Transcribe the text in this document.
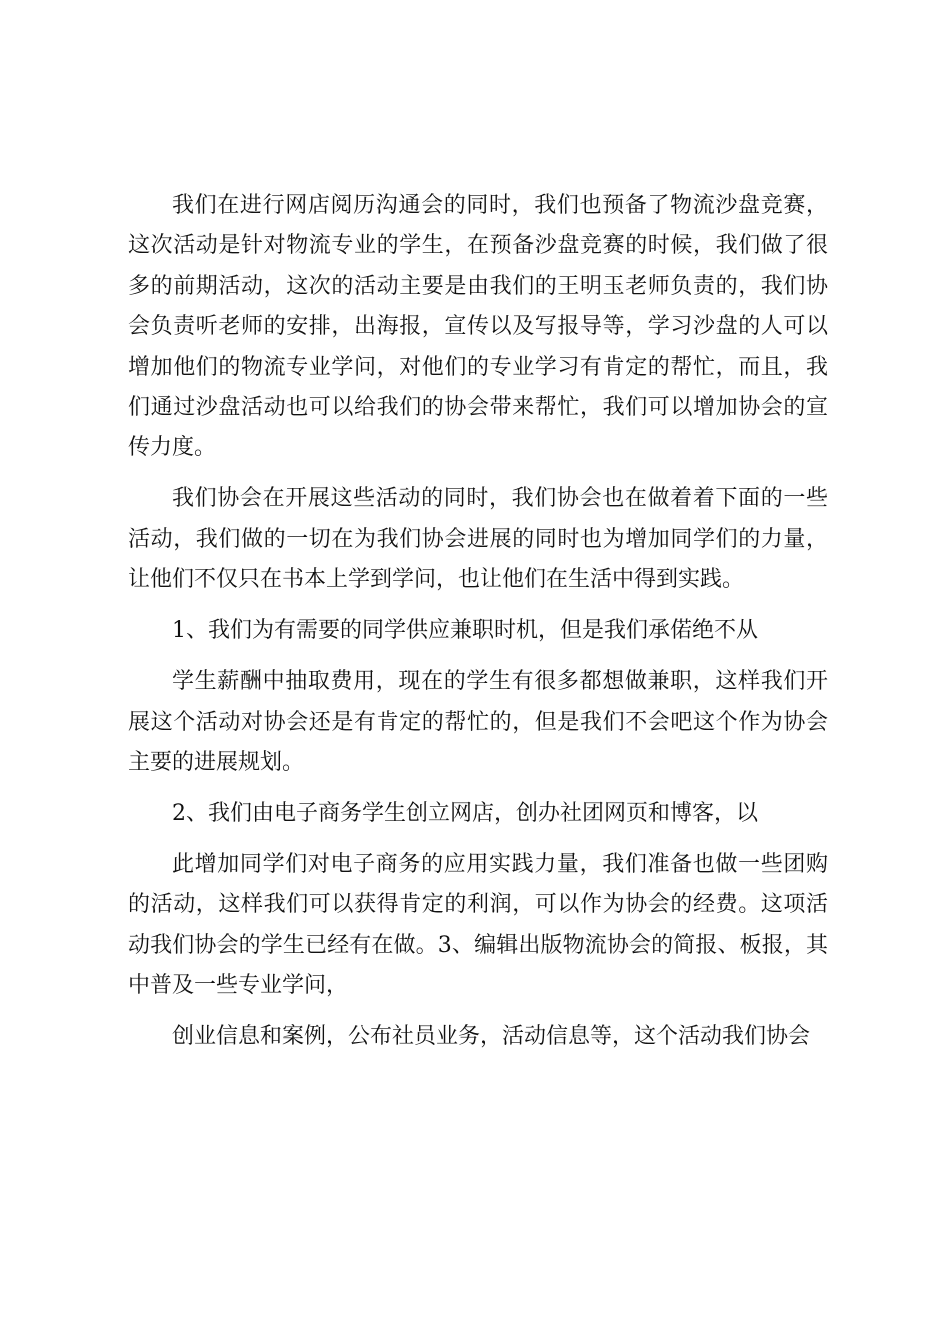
我们在进行网店阅历沟通会的同时，我们也预备了物流沙盘竞赛，这次活动是针对物流专业的学生，在预备沙盘竞赛的时候，我们做了很多的前期活动，这次的活动主要是由我们的王明玉老师负责的，我们协会负责听老师的安排，出海报，宣传以及写报导等，学习沙盘的人可以增加他们的物流专业学问，对他们的专业学习有肯定的帮忙，而且，我们通过沙盘活动也可以给我们的协会带来帮忙，我们可以增加协会的宣传力度。

我们协会在开展这些活动的同时，我们协会也在做着着下面的一些活动，我们做的一切在为我们协会进展的同时也为增加同学们的力量，让他们不仅只在书本上学到学问，也让他们在生活中得到实践。

1、我们为有需要的同学供应兼职时机，但是我们承偌绝不从

学生薪酬中抽取费用，现在的学生有很多都想做兼职，这样我们开展这个活动对协会还是有肯定的帮忙的，但是我们不会吧这个作为协会主要的进展规划。

2、我们由电子商务学生创立网店，创办社团网页和博客，以

此增加同学们对电子商务的应用实践力量，我们准备也做一些团购的活动，这样我们可以获得肯定的利润，可以作为协会的经费。这项活动我们协会的学生已经有在做。3、编辑出版物流协会的简报、板报，其中普及一些专业学问，

创业信息和案例，公布社员业务，活动信息等，这个活动我们协会
